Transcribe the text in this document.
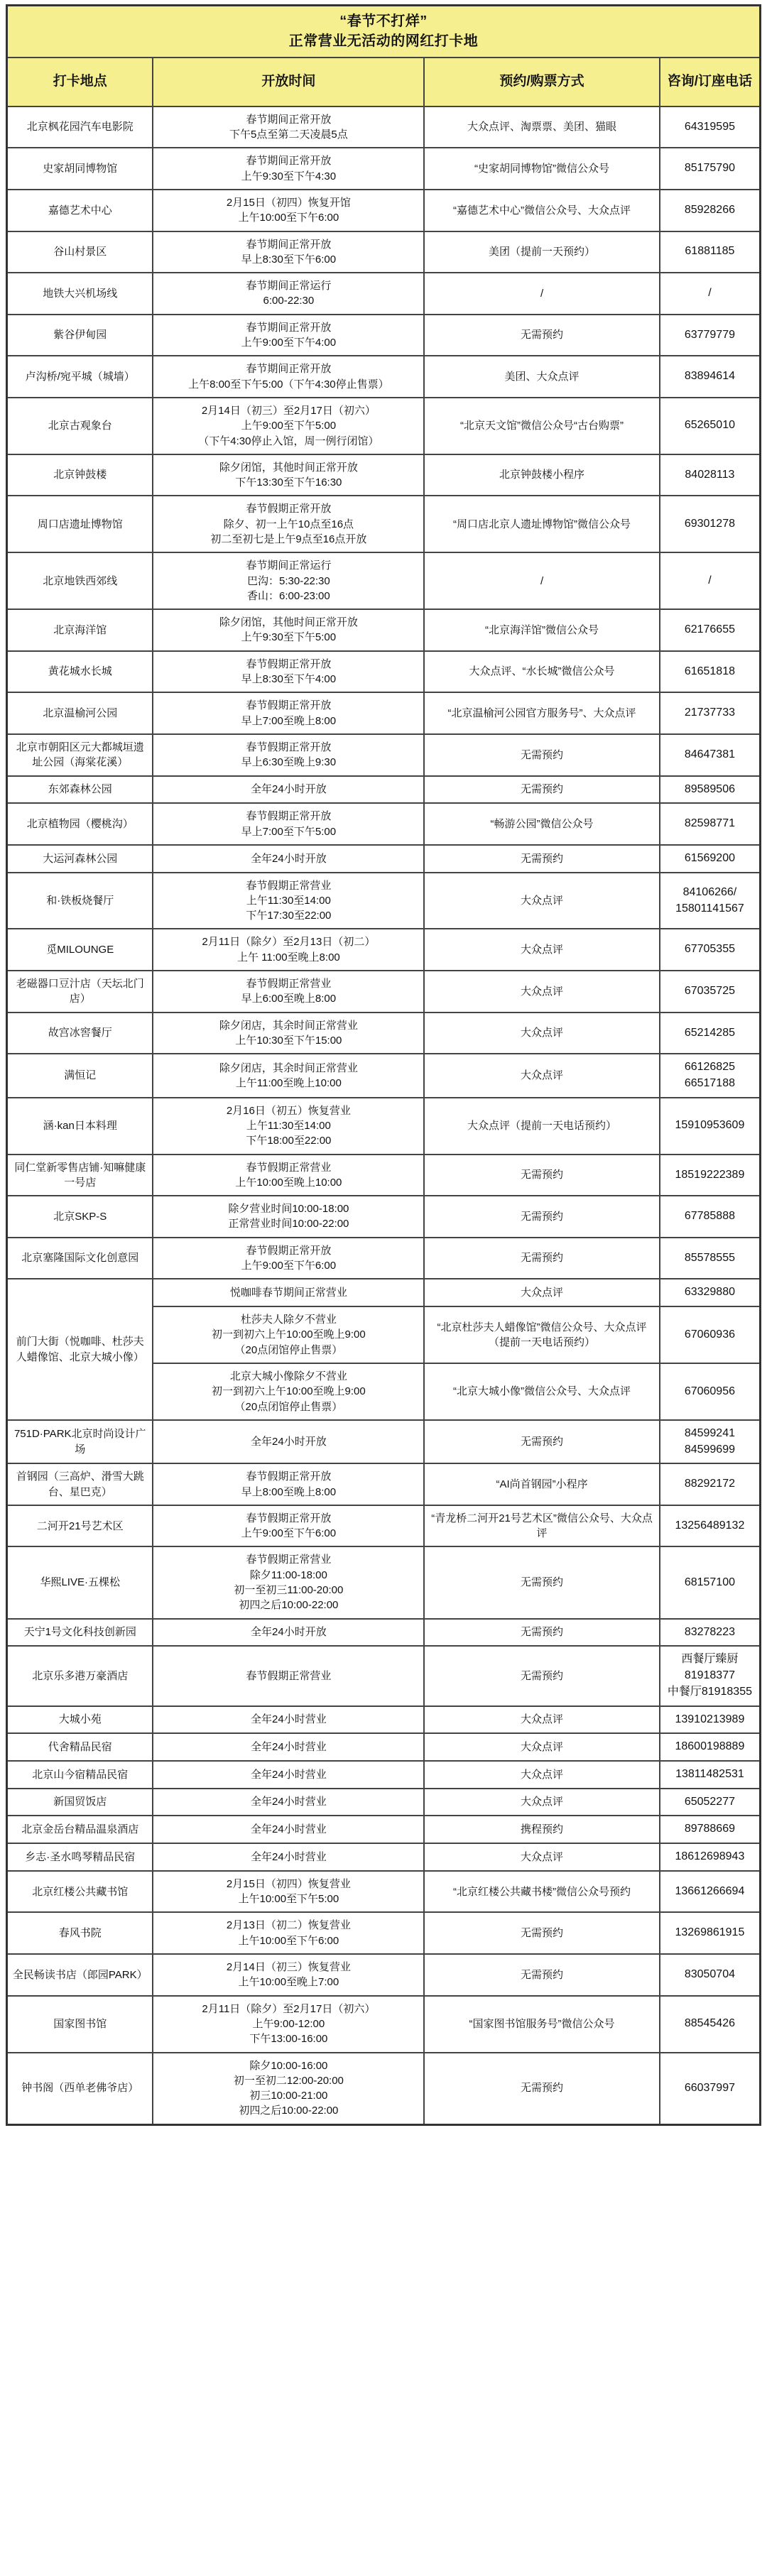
“春节不打烊”
正常营业无活动的网红打卡地			

打卡地点	开放时间	预约/购票方式	咨询/订座电话
北京枫花园汽车电影院	春节期间正常开放
下午5点至第二天凌晨5点	大众点评、淘票票、美团、猫眼	64319595

史家胡同博物馆	春节期间正常开放
上午9:30至下午4:30	“史家胡同博物馆”微信公众号	85175790

嘉德艺术中心	2月15日（初四）恢复开馆
上午10:00至下午6:00	“嘉德艺术中心”微信公众号、大众点评	85928266

谷山村景区	春节期间正常开放
早上8:30至下午6:00	美团（提前一天预约）	61881185

地铁大兴机场线	春节期间正常运行
6:00-22:30	/	/

紫谷伊甸园	春节期间正常开放
上午9:00至下午4:00	无需预约	63779779

卢沟桥/宛平城（城墙）	春节期间正常开放
上午8:00至下午5:00（下午4:30停止售票）	美团、大众点评	83894614

北京古观象台	2月14日（初三）至2月17日（初六）
上午9:00至下午5:00
（下午4:30停止入馆，周一例行闭馆）	“北京天文馆”微信公众号“古台购票”	65265010

北京钟鼓楼	除夕闭馆，其他时间正常开放
下午13:30至下午16:30	北京钟鼓楼小程序	84028113

周口店遗址博物馆	春节假期正常开放
除夕、初一上午10点至16点
初二至初七是上午9点至16点开放	“周口店北京人遗址博物馆”微信公众号	69301278

北京地铁西郊线	春节期间正常运行
巴沟：5:30-22:30
香山：6:00-23:00	/	/

北京海洋馆	除夕闭馆，其他时间正常开放
上午9:30至下午5:00	“北京海洋馆”微信公众号	62176655

黄花城水长城	春节假期正常开放
早上8:30至下午4:00	大众点评、“水长城”微信公众号	61651818

北京温榆河公园	春节假期正常开放
早上7:00至晚上8:00	“北京温榆河公园官方服务号”、大众点评	21737733

北京市朝阳区元大都城垣遗址公园（海棠花溪）	春节假期正常开放
早上6:30至晚上9:30	无需预约	84647381

东郊森林公园	全年24小时开放	无需预约	89589506

北京植物园（樱桃沟）	春节假期正常开放
早上7:00至下午5:00	“畅游公园”微信公众号	82598771

大运河森林公园	全年24小时开放	无需预约	61569200

和·铁板烧餐厅	春节假期正常营业
上午11:30至14:00
下午17:30至22:00	大众点评	84106266/
15801141567

觅MILOUNGE	2月11日（除夕）至2月13日（初二）
上午 11:00至晚上8:00	大众点评	67705355

老磁器口豆汁店（天坛北门店）	春节假期正常营业
早上6:00至晚上8:00	大众点评	67035725

故宫冰窖餐厅	除夕闭店，其余时间正常营业
上午10:30至下午15:00	大众点评	65214285

满恒记	除夕闭店，其余时间正常营业
上午11:00至晚上10:00	大众点评	66126825
66517188

涵·kan日本料理	2月16日（初五）恢复营业
上午11:30至14:00
下午18:00至22:00	大众点评（提前一天电话预约）	15910953609

同仁堂新零售店铺·知嘛健康一号店	春节假期正常营业
上午10:00至晚上10:00	无需预约	18519222389

北京SKP-S	除夕营业时间10:00-18:00
正常营业时间10:00-22:00	无需预约	67785888

北京塞隆国际文化创意园	春节假期正常开放
上午9:00至下午6:00	无需预约	85578555

前门大街（悦咖啡、杜莎夫人蜡像馆、北京大城小像）	悦咖啡春节期间正常营业	大众点评	63329880

	杜莎夫人除夕不营业
初一到初六上午10:00至晚上9:00
（20点闭馆停止售票）	“北京杜莎夫人蜡像馆”微信公众号、大众点评（提前一天电话预约）	67060936

	北京大城小像除夕不营业
初一到初六上午10:00至晚上9:00
（20点闭馆停止售票）	“北京大城小像”微信公众号、大众点评	67060956

751D·PARK北京时尚设计广场	全年24小时开放	无需预约	84599241
84599699

首钢园（三高炉、滑雪大跳台、星巴克）	春节假期正常开放
早上8:00至晚上8:00	“AI尚首钢园”小程序	88292172

二河开21号艺术区	春节假期正常开放
上午9:00至下午6:00	“青龙桥二河开21号艺术区”微信公众号、大众点评	13256489132

华熙LIVE·五棵松	春节假期正常营业
除夕11:00-18:00
初一至初三11:00-20:00
初四之后10:00-22:00	无需预约	68157100

天宁1号文化科技创新园	全年24小时开放	无需预约	83278223

北京乐多港万豪酒店	春节假期正常营业	无需预约	西餐厅臻厨
81918377
中餐厅81918355

大城小苑	全年24小时营业	大众点评	13910213989

代舍精品民宿	全年24小时营业	大众点评	18600198889

北京山今宿精品民宿	全年24小时营业	大众点评	13811482531

新国贸饭店	全年24小时营业	大众点评	65052277

北京金岳台精品温泉酒店	全年24小时营业	携程预约	89788669

乡志·圣水鸣琴精品民宿	全年24小时营业	大众点评	18612698943

北京红楼公共藏书馆	2月15日（初四）恢复营业
上午10:00至下午5:00	“北京红楼公共藏书楼”微信公众号预约	13661266694

春风书院	2月13日（初二）恢复营业
上午10:00至下午6:00	无需预约	13269861915

全民畅读书店（郎园PARK）	2月14日（初三）恢复营业
上午10:00至晚上7:00	无需预约	83050704

国家图书馆	2月11日（除夕）至2月17日（初六）
上午9:00-12:00
下午13:00-16:00	“国家图书馆服务号”微信公众号	88545426

钟书阁（西单老佛爷店）	除夕10:00-16:00
初一至初二12:00-20:00
初三10:00-21:00
初四之后10:00-22:00	无需预约	66037997
